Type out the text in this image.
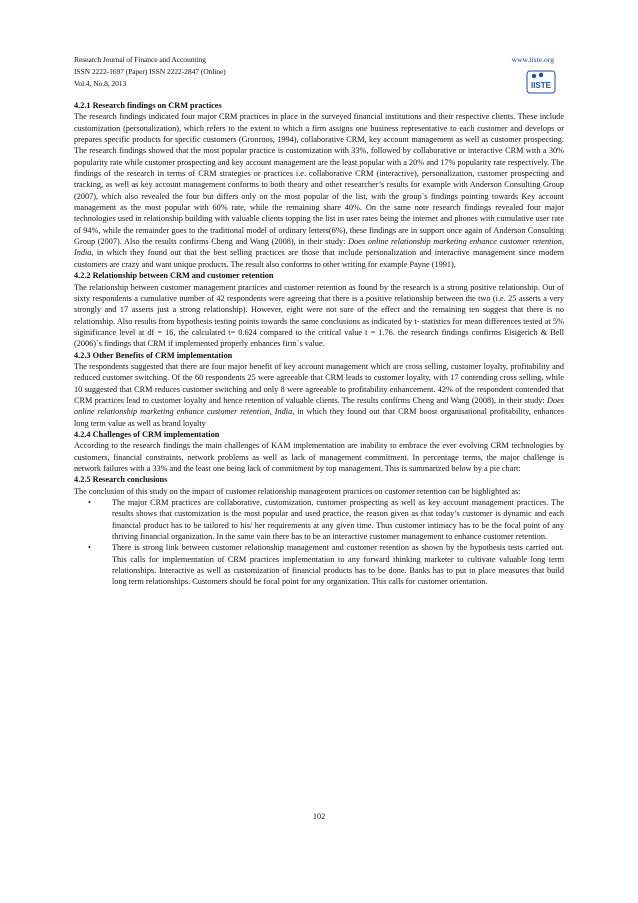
Research Journal of Finance and Accounting
ISSN 2222-1697 (Paper) ISSN 2222-2847 (Online)
Vol.4, No.8, 2013
www.iiste.org
IISTE

4.2.1 Research findings on CRM practices

The research findings indicated four major CRM practices in place in the surveyed financial institutions and their respective clients. These include customization (personalization), which refers to the extent to which a firm assigns one business representative to each customer and develops or prepares specific products for specific customers (Gronroos, 1994), collaborative CRM, key account management as well as customer prospecting. The research findings showed that the most popular practice is customization with 33%, followed by collaborative or interactive CRM with a 30% popularity rate while customer prospecting and key account management are the least popular with a 20% and 17% popularity rate respectively. The findings of the research in terms of CRM strategies or practices i.e. collaborative CRM (interactive), personalization, customer prospecting and tracking, as well as key account management conforms to both theory and other researcher’s results for example with Anderson Consulting Group (2007), which also revealed the four but differs only on the most popular of the list, with the group`s findings pointing towards Key account management as the most popular with 60% rate, while the remaining share 40%. On the same note research findings revealed four major technologies used in relationship building with valuable clients topping the list in user rates being the internet and phones with cumulative user rate of 94%, while the remainder goes to the traditional model of ordinary letters(6%), these findings are in support once again of Anderson Consulting Group (2007). Also the results confirms Cheng and Wang (2008), in their study: Does online relationship marketing enhance customer retention, India, in which they found out that the best selling practices are those that include personalization and interactive management since modern customers are crazy and want unique products. The result also conforms to other writing for example Payne (1991).

4.2.2 Relationship between CRM and customer retention

The relationship between customer management practices and customer retention as found by the research is a strong positive relationship. Out of sixty respondents a cumulative number of 42 respondents were agreeing that there is a positive relationship between the two (i.e. 25 asserts a very strongly and 17 asserts just a strong relationship). However, eight were not sure of the effect and the remaining ten suggest that there is no relationship. Also results from hypothesis testing points towards the same conclusions as indicated by t- statistics for mean differences tested at 5% siginificance level at df = 16, the calculated t= 0.624 compared to the critical value t = 1.76. the research findings confirms Eisigerich & Bell (2006)`s findings that CRM if implemented properly enhances firm`s value.

4.2.3 Other Benefits of CRM implementation

The respondents suggested that there are four major benefit of key account management which are cross selling, customer loyalty, profitability and reduced customer switching. Of the 60 respondents 25 were agreeable that CRM leads to customer loyalty, with 17 contending cross selling, while 10 suggested that CRM reduces customer switching and only 8 were agreeable to profitability enhancement. 42% of the respondent contended that CRM practices lead to customer loyalty and hence retention of valuable clients. The results confirms Cheng and Wang (2008), in their study: Does online relationship marketing enhance customer retention, India, in which they found out that CRM boost organisational profitability, enhances long term value as well as brand loyalty

4.2.4 Challenges of CRM implementation

According to the research findings the main challenges of KAM implementation are inability to embrace the ever evolving CRM technologies by customers, financial constraints, network problems as well as lack of management commitment. In percentage terms, the major challenge is network failures with a 33% and the least one being lack of commitment by top management. This is summarized below by a pie chart:

4.2.5 Research conclusions

The conclusion of this study on the impact of customer relationship management practices on customer retention can be highlighted as:

•	The major CRM practices are collaborative, customization, customer prospecting as well as key account management practices. The results shows that customization is the most popular and used practice, the reason given as that today’s customer is dynamic and each financial product has to be tailored to his/ her requirements at any given time. Thus customer intimacy has to be the focal point of any thriving financial organization. In the same vain there has to be an interactive customer management to enhance customer retention.
•	There is strong link between customer relationship management and customer retention as shown by the hypothesis tests carried out. This calls for implementation of CRM practices implementation to any forward thinking marketer to cultivate valuable long term relationships. Interactive as well as customization of financial products has to be done. Banks has to put in place measures that build long term relationships. Customers should be focal point for any organization. This calls for customer orientation.
102
